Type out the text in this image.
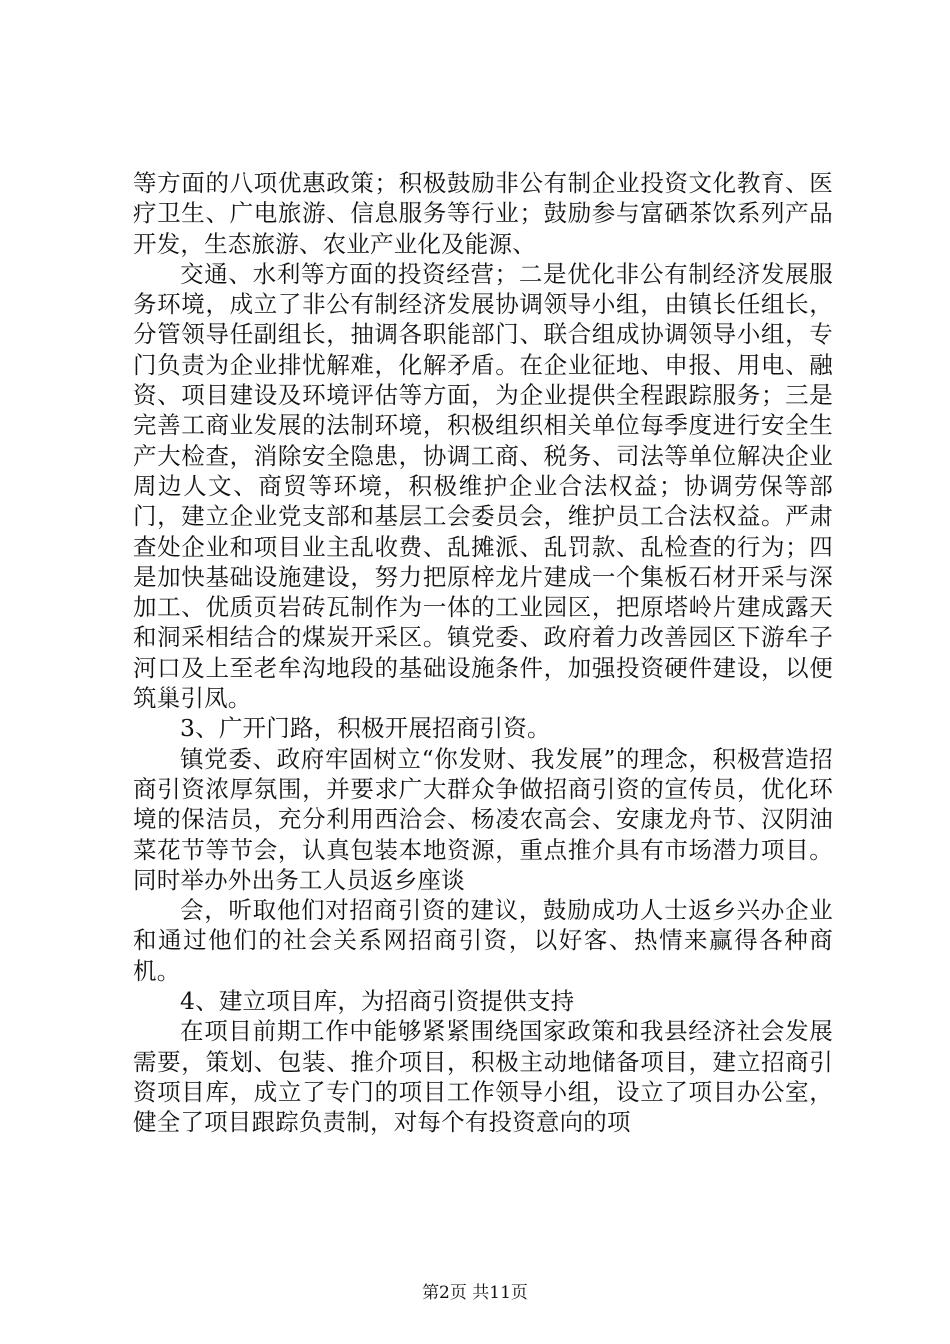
等方面的八项优惠政策；积极鼓励非公有制企业投资文化教育、医疗卫生、广电旅游、信息服务等行业；鼓励参与富硒茶饮系列产品开发，生态旅游、农业产业化及能源、

交通、水利等方面的投资经营；二是优化非公有制经济发展服务环境，成立了非公有制经济发展协调领导小组，由镇长任组长，分管领导任副组长，抽调各职能部门、联合组成协调领导小组，专门负责为企业排忧解难，化解矛盾。在企业征地、申报、用电、融资、项目建设及环境评估等方面，为企业提供全程跟踪服务；三是完善工商业发展的法制环境，积极组织相关单位每季度进行安全生产大检查，消除安全隐患，协调工商、税务、司法等单位解决企业周边人文、商贸等环境，积极维护企业合法权益；协调劳保等部门，建立企业党支部和基层工会委员会，维护员工合法权益。严肃查处企业和项目业主乱收费、乱摊派、乱罚款、乱检查的行为；四是加快基础设施建设，努力把原梓龙片建成一个集板石材开采与深加工、优质页岩砖瓦制作为一体的工业园区，把原塔岭片建成露天和洞采相结合的煤炭开采区。镇党委、政府着力改善园区下游牟子河口及上至老牟沟地段的基础设施条件，加强投资硬件建设，以便筑巢引凤。

3、广开门路，积极开展招商引资。

镇党委、政府牢固树立“你发财、我发展”的理念，积极营造招商引资浓厚氛围，并要求广大群众争做招商引资的宣传员，优化环境的保洁员，充分利用西洽会、杨凌农高会、安康龙舟节、汉阴油菜花节等节会，认真包装本地资源，重点推介具有市场潜力项目。同时举办外出务工人员返乡座谈

会，听取他们对招商引资的建议，鼓励成功人士返乡兴办企业和通过他们的社会关系网招商引资，以好客、热情来赢得各种商机。

4、建立项目库，为招商引资提供支持

在项目前期工作中能够紧紧围绕国家政策和我县经济社会发展需要，策划、包装、推介项目，积极主动地储备项目，建立招商引资项目库，成立了专门的项目工作领导小组，设立了项目办公室，健全了项目跟踪负责制，对每个有投资意向的项

第2页 共11页
